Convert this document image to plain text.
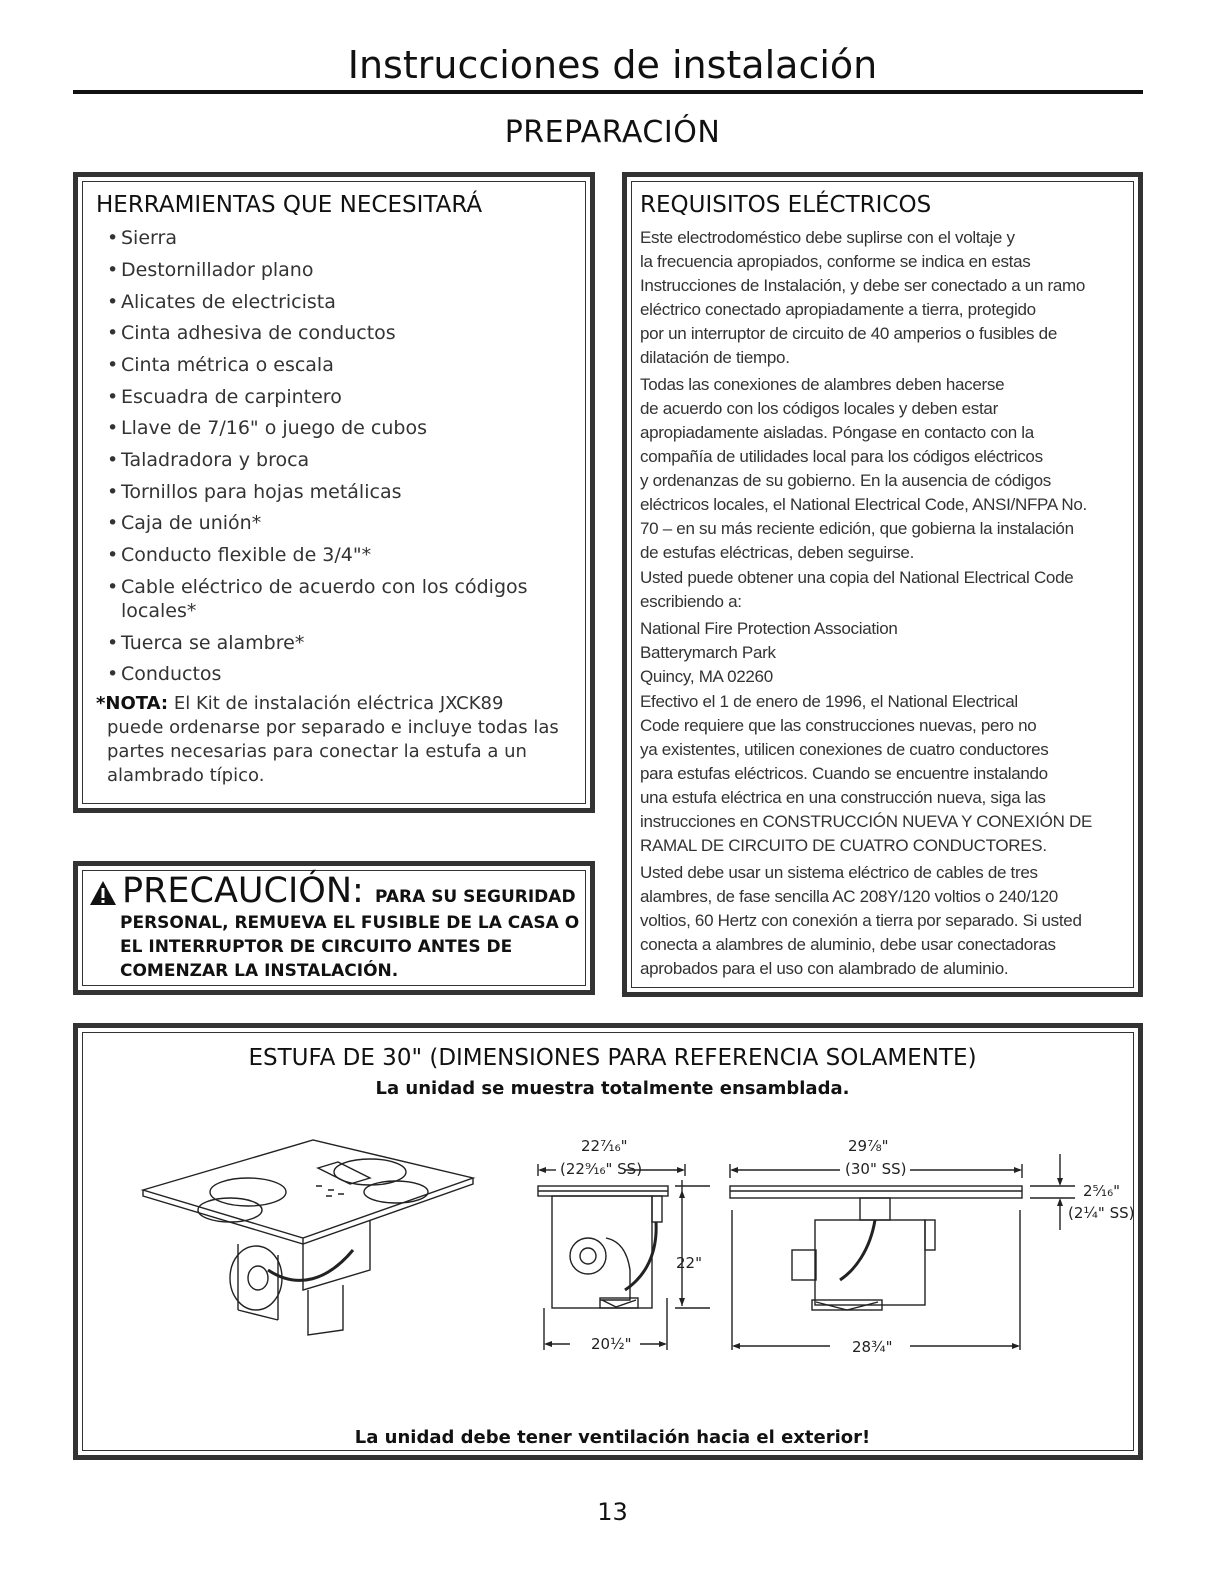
Instrucciones de instalación
PREPARACIÓN
HERRAMIENTAS QUE NECESITARÁ
• Sierra
• Destornillador plano
• Alicates de electricista
• Cinta adhesiva de conductos
• Cinta métrica o escala
• Escuadra de carpintero
• Llave de 7/16" o juego de cubos
• Taladradora y broca
• Tornillos para hojas metálicas
• Caja de unión*
• Conducto flexible de 3/4"*
• Cable eléctrico de acuerdo con los códigos
locales*
• Tuerca se alambre*
• Conductos
*NOTA: El Kit de instalación eléctrica JXCK89
puede ordenarse por separado e incluye todas las
partes necesarias para conectar la estufa a un
alambrado típico.
PRECAUCIÓN: PARA SU SEGURIDAD
PERSONAL, REMUEVA EL FUSIBLE DE LA CASA O
EL INTERRUPTOR DE CIRCUITO ANTES DE
COMENZAR LA INSTALACIÓN.
REQUISITOS ELÉCTRICOS
Este electrodoméstico debe suplirse con el voltaje y
la frecuencia apropiados, conforme se indica en estas
Instrucciones de Instalación, y debe ser conectado a un ramo
eléctrico conectado apropiadamente a tierra, protegido
por un interruptor de circuito de 40 amperios o fusibles de
dilatación de tiempo.
Todas las conexiones de alambres deben hacerse
de acuerdo con los códigos locales y deben estar
apropiadamente aisladas. Póngase en contacto con la
compañía de utilidades local para los códigos eléctricos
y ordenanzas de su gobierno. En la ausencia de códigos
eléctricos locales, el National Electrical Code, ANSI/NFPA No.
70 – en su más reciente edición, que gobierna la instalación
de estufas eléctricas, deben seguirse.
Usted puede obtener una copia del National Electrical Code
escribiendo a:
National Fire Protection Association
Batterymarch Park
Quincy, MA 02260
Efectivo el 1 de enero de 1996, el National Electrical
Code requiere que las construcciones nuevas, pero no
ya existentes, utilicen conexiones de cuatro conductores
para estufas eléctricos. Cuando se encuentre instalando
una estufa eléctrica en una construcción nueva, siga las
instrucciones en CONSTRUCCIÓN NUEVA Y CONEXIÓN DE
RAMAL DE CIRCUITO DE CUATRO CONDUCTORES.
Usted debe usar un sistema eléctrico de cables de tres
alambres, de fase sencilla AC 208Y/120 voltios o 240/120
voltios, 60 Hertz con conexión a tierra por separado. Si usted
conecta a alambres de aluminio, debe usar conectadoras
aprobados para el uso con alambrado de aluminio.
ESTUFA DE 30" (DIMENSIONES PARA REFERENCIA SOLAMENTE)
La unidad se muestra totalmente ensamblada.
22⁷⁄₁₆"
(22⁹⁄₁₆" SS)
22"
20½"
29⁷⁄₈"
(30" SS)
2⁵⁄₁₆"
(2¼" SS)
28¾"
La unidad debe tener ventilación hacia el exterior!
13
